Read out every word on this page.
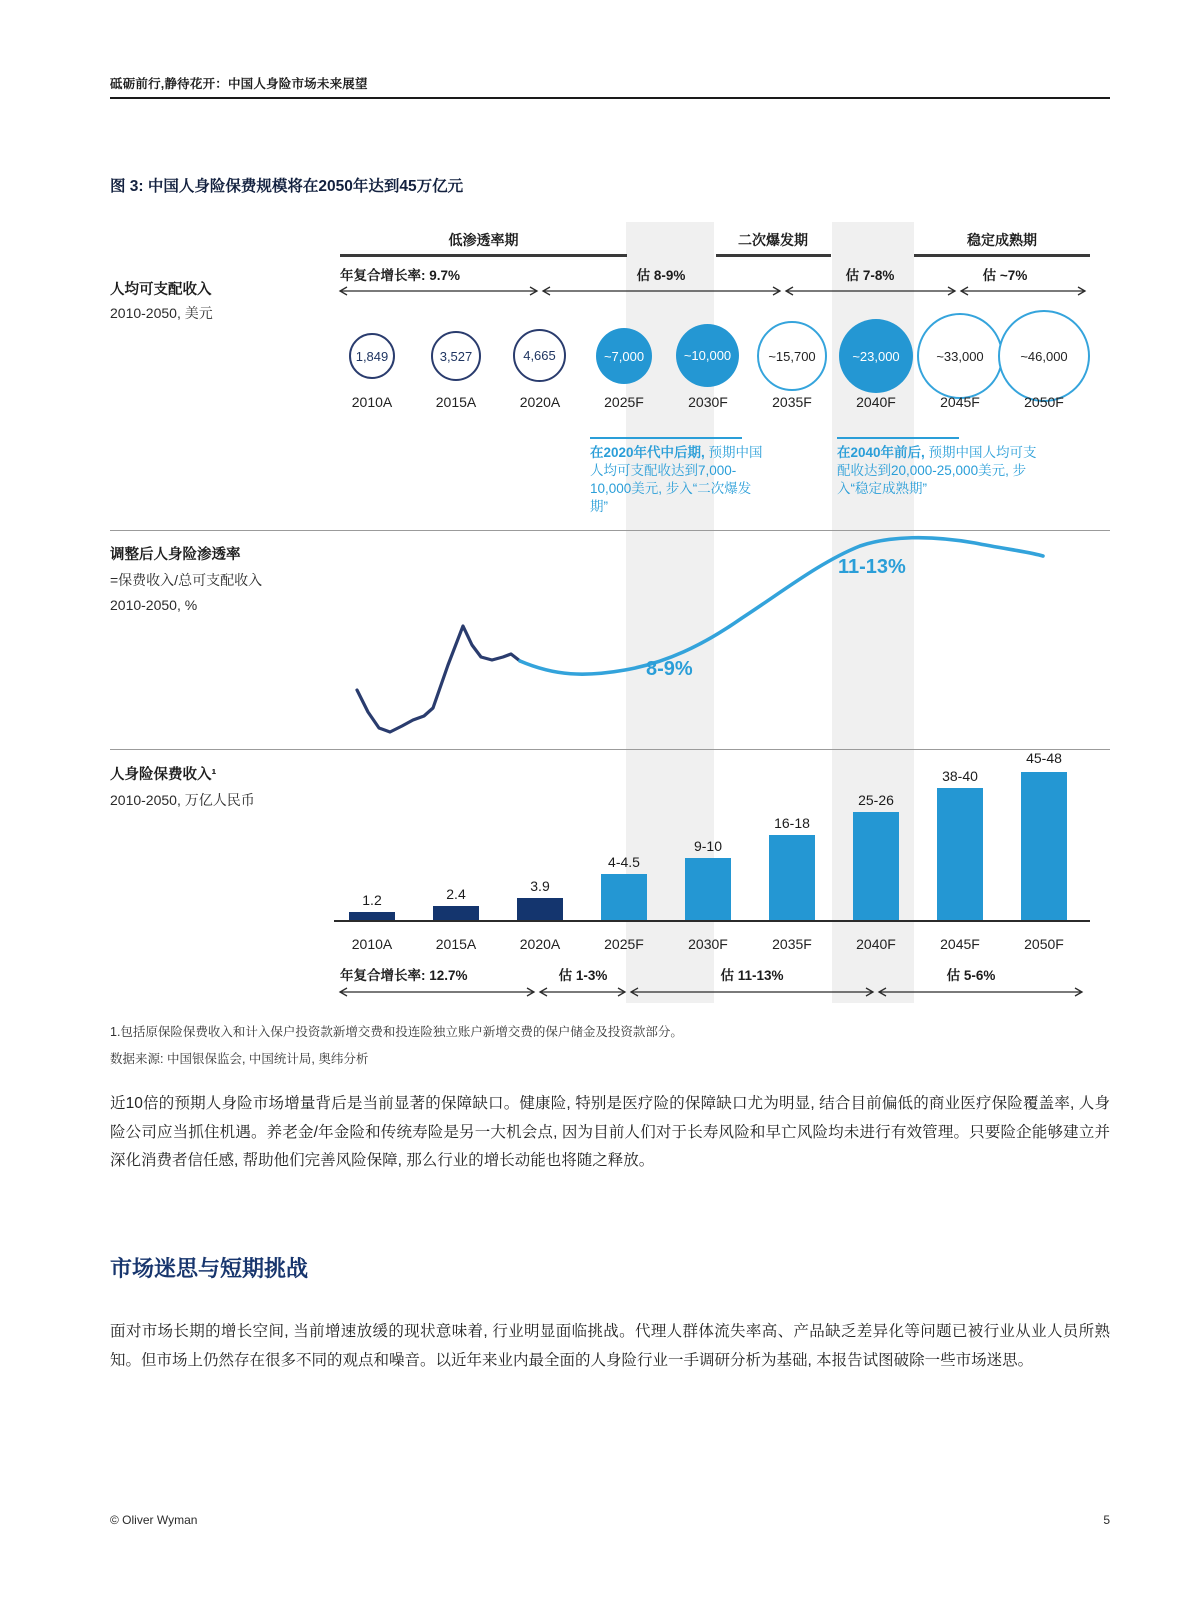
砥砺前行,静待花开：中国人身险市场未来展望
图 3: 中国人身险保费规模将在2050年达到45万亿元
低渗透率期	二次爆发期	稳定成熟期
年复合增长率: 9.7%	估 8-9%	估 7-8%	估 ~7%
人均可支配收入
2010-2050, 美元
1,849	3,527	4,665	~7,000	~10,000	~15,700	~23,000	~33,000	~46,000
2010A	2015A	2020A	2025F	2030F	2035F	2040F	2045F	2050F
在2020年代中后期, 预期中国人均可支配收达到7,000-10,000美元, 步入“二次爆发期”
在2040年前后, 预期中国人均可支配收达到20,000-25,000美元, 步入“稳定成熟期”
调整后人身险渗透率
=保费收入/总可支配收入
2010-2050, %
8-9%
11-13%
人身险保费收入¹
2010-2050, 万亿人民币
1.2	2.4	3.9
4-4.5
9-10
16-18
25-26
38-40
45-48
2010A	2015A	2020A	2025F	2030F	2035F	2040F	2045F	2050F
年复合增长率: 12.7%	估 1-3%	估 11-13%	估 5-6%
1.包括原保险保费收入和计入保户投资款新增交费和投连险独立账户新增交费的保户储金及投资款部分。
数据来源: 中国银保监会, 中国统计局, 奥纬分析
近10倍的预期人身险市场增量背后是当前显著的保障缺口。健康险, 特别是医疗险的保障缺口尤为明显, 结合目前偏低的商业医疗保险覆盖率, 人身险公司应当抓住机遇。养老金/年金险和传统寿险是另一大机会点, 因为目前人们对于长寿风险和早亡风险均未进行有效管理。只要险企能够建立并深化消费者信任感, 帮助他们完善风险保障, 那么行业的增长动能也将随之释放。
市场迷思与短期挑战
面对市场长期的增长空间, 当前增速放缓的现状意味着, 行业明显面临挑战。代理人群体流失率高、产品缺乏差异化等问题已被行业从业人员所熟知。但市场上仍然存在很多不同的观点和噪音。以近年来业内最全面的人身险行业一手调研分析为基础, 本报告试图破除一些市场迷思。
© Oliver Wyman	5
